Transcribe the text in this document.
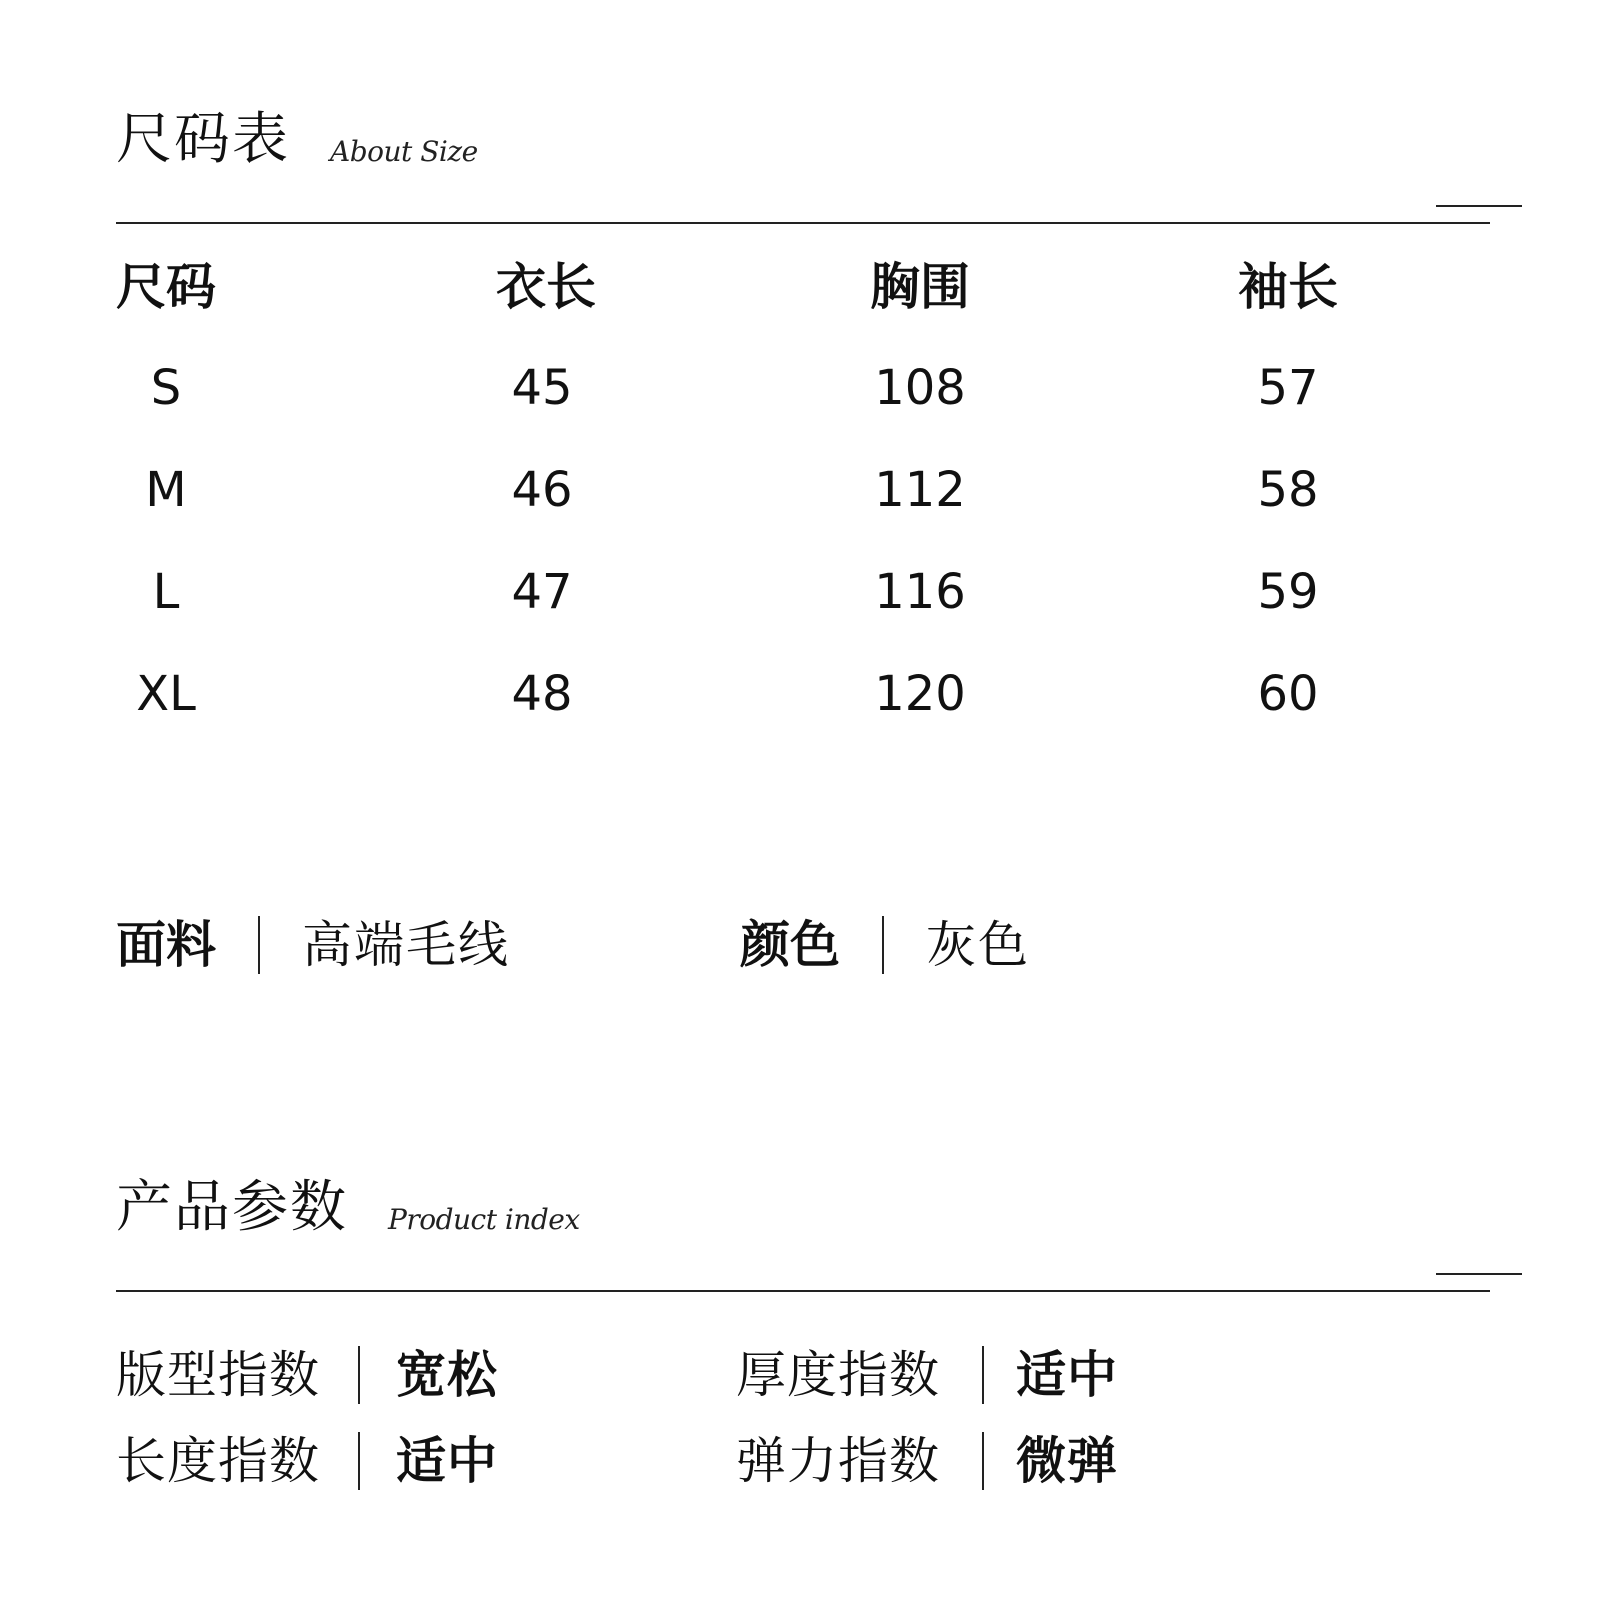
尺码表 About Size
尺码	衣长	胸围	袖长
S	45	108	57
M	46	112	58
L	47	116	59
XL	48	120	60
面料 高端毛线	颜色 灰色
产品参数 Product index
版型指数 宽松	厚度指数 适中
长度指数 适中	弹力指数 微弹
